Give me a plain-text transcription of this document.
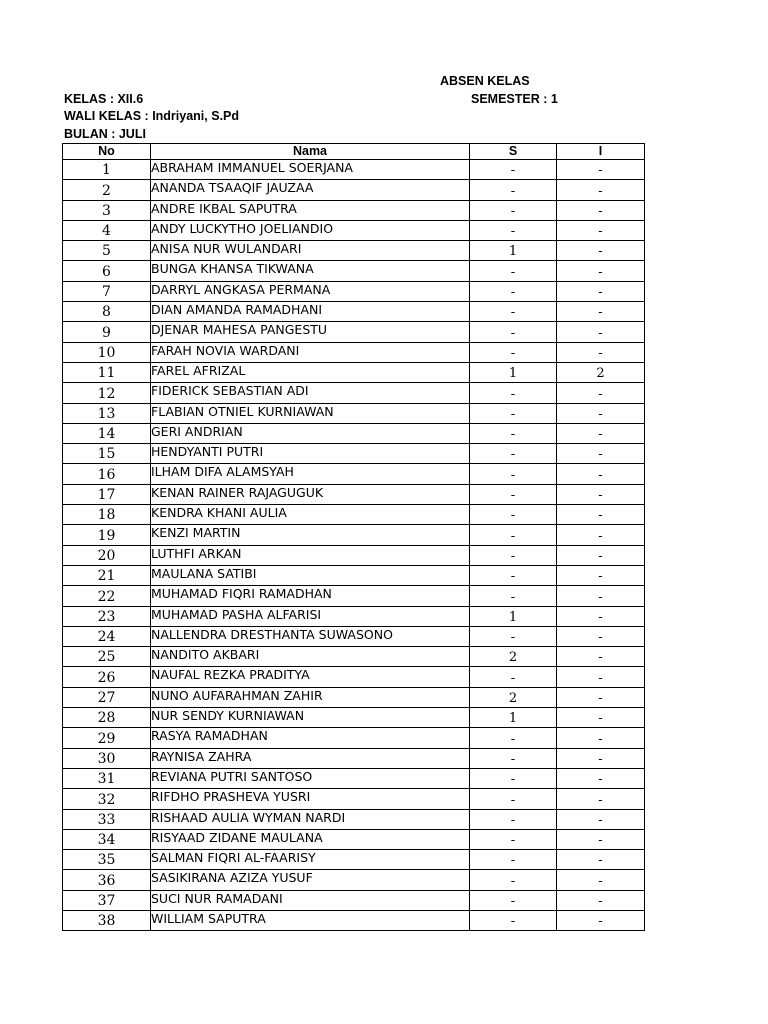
ABSEN KELAS
KELAS : XII.6	SEMESTER : 1
WALI KELAS : Indriyani, S.Pd
BULAN : JULI
No	Nama	S	I
1	ABRAHAM IMMANUEL SOERJANA	-	-
2	ANANDA TSAAQIF JAUZAA	-	-
3	ANDRE IKBAL SAPUTRA	-	-
4	ANDY LUCKYTHO JOELIANDIO	-	-
5	ANISA NUR WULANDARI	1	-
6	BUNGA KHANSA TIKWANA	-	-
7	DARRYL ANGKASA PERMANA	-	-
8	DIAN AMANDA RAMADHANI	-	-
9	DJENAR MAHESA PANGESTU	-	-
10	FARAH NOVIA WARDANI	-	-
11	FAREL AFRIZAL	1	2
12	FIDERICK SEBASTIAN ADI	-	-
13	FLABIAN OTNIEL KURNIAWAN	-	-
14	GERI ANDRIAN	-	-
15	HENDYANTI PUTRI	-	-
16	ILHAM DIFA ALAMSYAH	-	-
17	KENAN RAINER RAJAGUGUK	-	-
18	KENDRA KHANI AULIA	-	-
19	KENZI MARTIN	-	-
20	LUTHFI ARKAN	-	-
21	MAULANA SATIBI	-	-
22	MUHAMAD FIQRI RAMADHAN	-	-
23	MUHAMAD PASHA ALFARISI	1	-
24	NALLENDRA DRESTHANTA SUWASONO	-	-
25	NANDITO AKBARI	2	-
26	NAUFAL REZKA PRADITYA	-	-
27	NUNO AUFARAHMAN ZAHIR	2	-
28	NUR SENDY KURNIAWAN	1	-
29	RASYA RAMADHAN	-	-
30	RAYNISA ZAHRA	-	-
31	REVIANA PUTRI SANTOSO	-	-
32	RIFDHO PRASHEVA YUSRI	-	-
33	RISHAAD AULIA WYMAN NARDI	-	-
34	RISYAAD ZIDANE MAULANA	-	-
35	SALMAN FIQRI AL-FAARISY	-	-
36	SASIKIRANA AZIZA YUSUF	-	-
37	SUCI NUR RAMADANI	-	-
38	WILLIAM SAPUTRA	-	-
